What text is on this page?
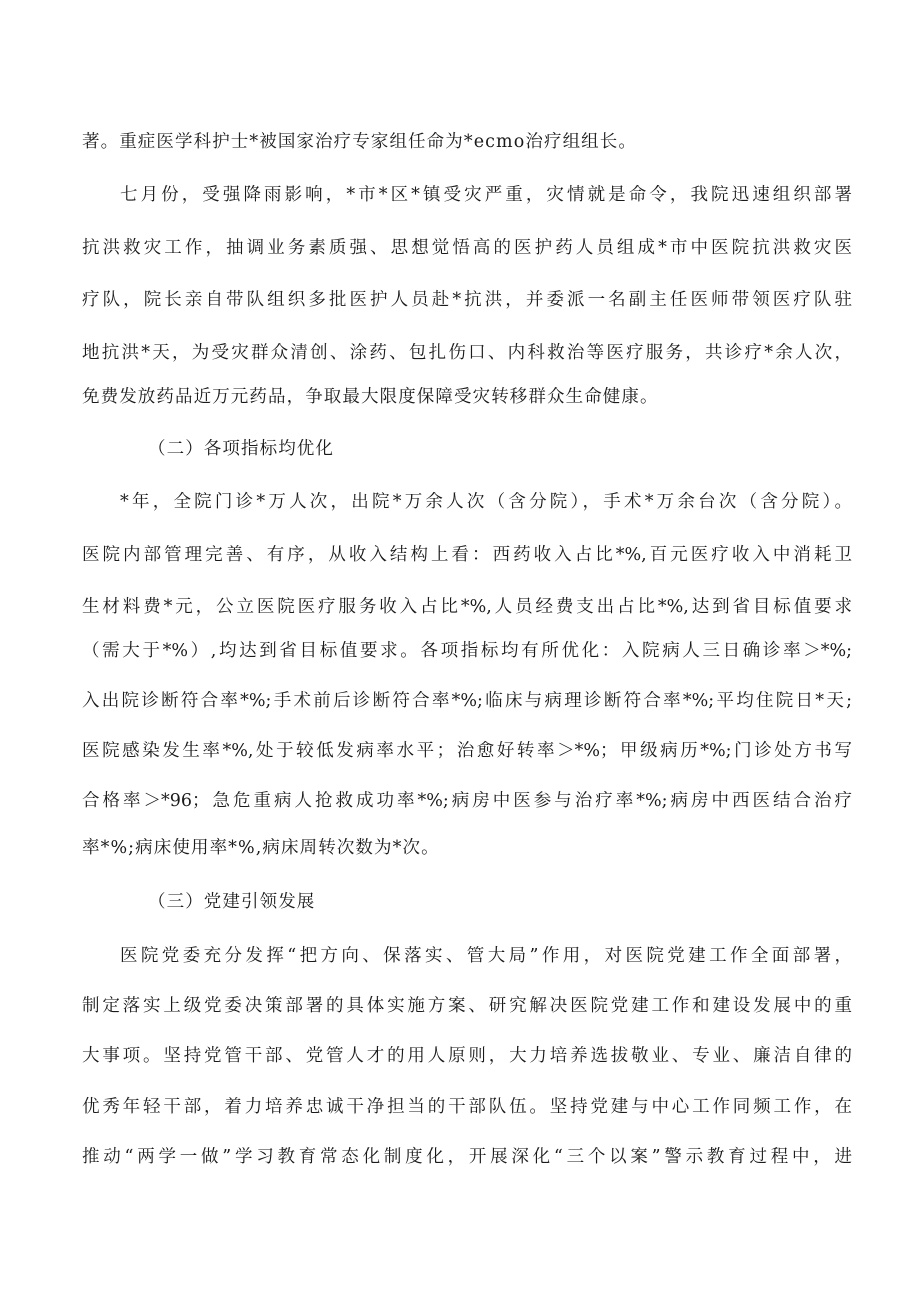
著。重症医学科护士*被国家治疗专家组任命为*ecmo治疗组组长。
七月份，受强降雨影响，*市*区*镇受灾严重，灾情就是命令，我院迅速组织部署
抗洪救灾工作，抽调业务素质强、思想觉悟高的医护药人员组成*市中医院抗洪救灾医
疗队，院长亲自带队组织多批医护人员赴*抗洪，并委派一名副主任医师带领医疗队驻
地抗洪*天，为受灾群众清创、涂药、包扎伤口、内科救治等医疗服务，共诊疗*余人次，
免费发放药品近万元药品，争取最大限度保障受灾转移群众生命健康。
（二）各项指标均优化
*年，全院门诊*万人次，出院*万余人次（含分院），手术*万余台次（含分院）。
医院内部管理完善、有序，从收入结构上看：西药收入占比*%,百元医疗收入中消耗卫
生材料费*元，公立医院医疗服务收入占比*%,人员经费支出占比*%,达到省目标值要求
（需大于*%）,均达到省目标值要求。各项指标均有所优化：入院病人三日确诊率＞*%;
入出院诊断符合率*%;手术前后诊断符合率*%;临床与病理诊断符合率*%;平均住院日*天;
医院感染发生率*%,处于较低发病率水平；治愈好转率＞*%；甲级病历*%;门诊处方书写
合格率＞*96；急危重病人抢救成功率*%;病房中医参与治疗率*%;病房中西医结合治疗
率*%;病床使用率*%,病床周转次数为*次。
（三）党建引领发展
医院党委充分发挥“把方向、保落实、管大局”作用，对医院党建工作全面部署，
制定落实上级党委决策部署的具体实施方案、研究解决医院党建工作和建设发展中的重
大事项。坚持党管干部、党管人才的用人原则，大力培养选拔敬业、专业、廉洁自律的
优秀年轻干部，着力培养忠诚干净担当的干部队伍。坚持党建与中心工作同频工作，在
推动“两学一做”学习教育常态化制度化，开展深化“三个以案”警示教育过程中，进
